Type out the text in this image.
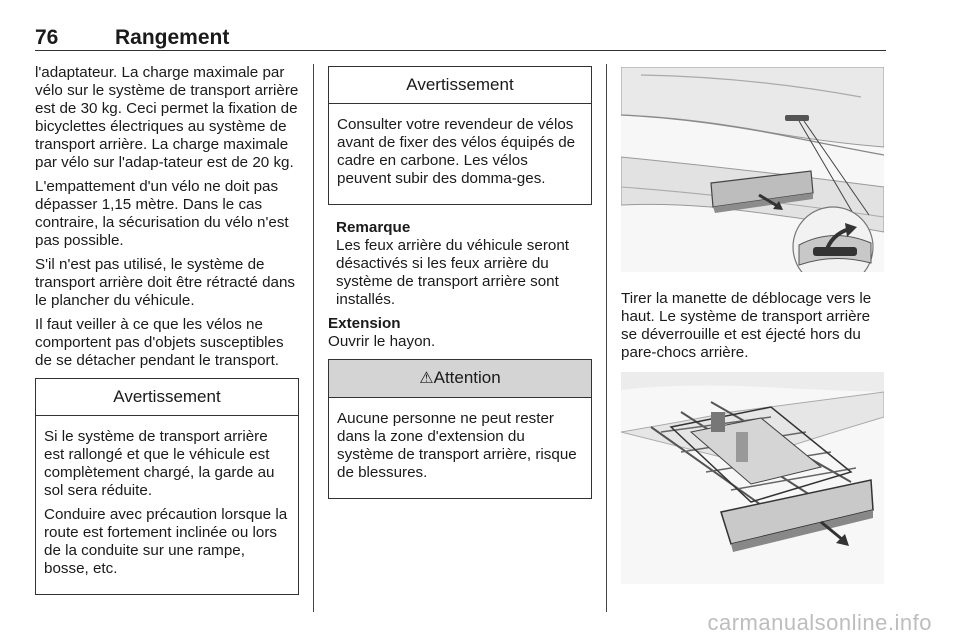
76	Rangement

l'adaptateur. La charge maximale par vélo sur le système de transport arrière est de 30 kg. Ceci permet la fixation de bicyclettes électriques au système de transport arrière. La charge maximale par vélo sur l'adap-tateur est de 20 kg.

L'empattement d'un vélo ne doit pas dépasser 1,15 mètre. Dans le cas contraire, la sécurisation du vélo n'est pas possible.

S'il n'est pas utilisé, le système de transport arrière doit être rétracté dans le plancher du véhicule.

Il faut veiller à ce que les vélos ne comportent pas d'objets susceptibles de se détacher pendant le transport.

Avertissement

Si le système de transport arrière est rallongé et que le véhicule est complètement chargé, la garde au sol sera réduite.

Conduire avec précaution lorsque la route est fortement inclinée ou lors de la conduite sur une rampe, bosse, etc.

Avertissement

Consulter votre revendeur de vélos avant de fixer des vélos équipés de cadre en carbone. Les vélos peuvent subir des domma-ges.

Remarque

Les feux arrière du véhicule seront désactivés si les feux arrière du système de transport arrière sont installés.

Extension

Ouvrir le hayon.

⚠Attention

Aucune personne ne peut rester dans la zone d'extension du système de transport arrière, risque de blessures.

Tirer la manette de déblocage vers le haut. Le système de transport arrière se déverrouille et est éjecté hors du pare-chocs arrière.

carmanualsonline.info
